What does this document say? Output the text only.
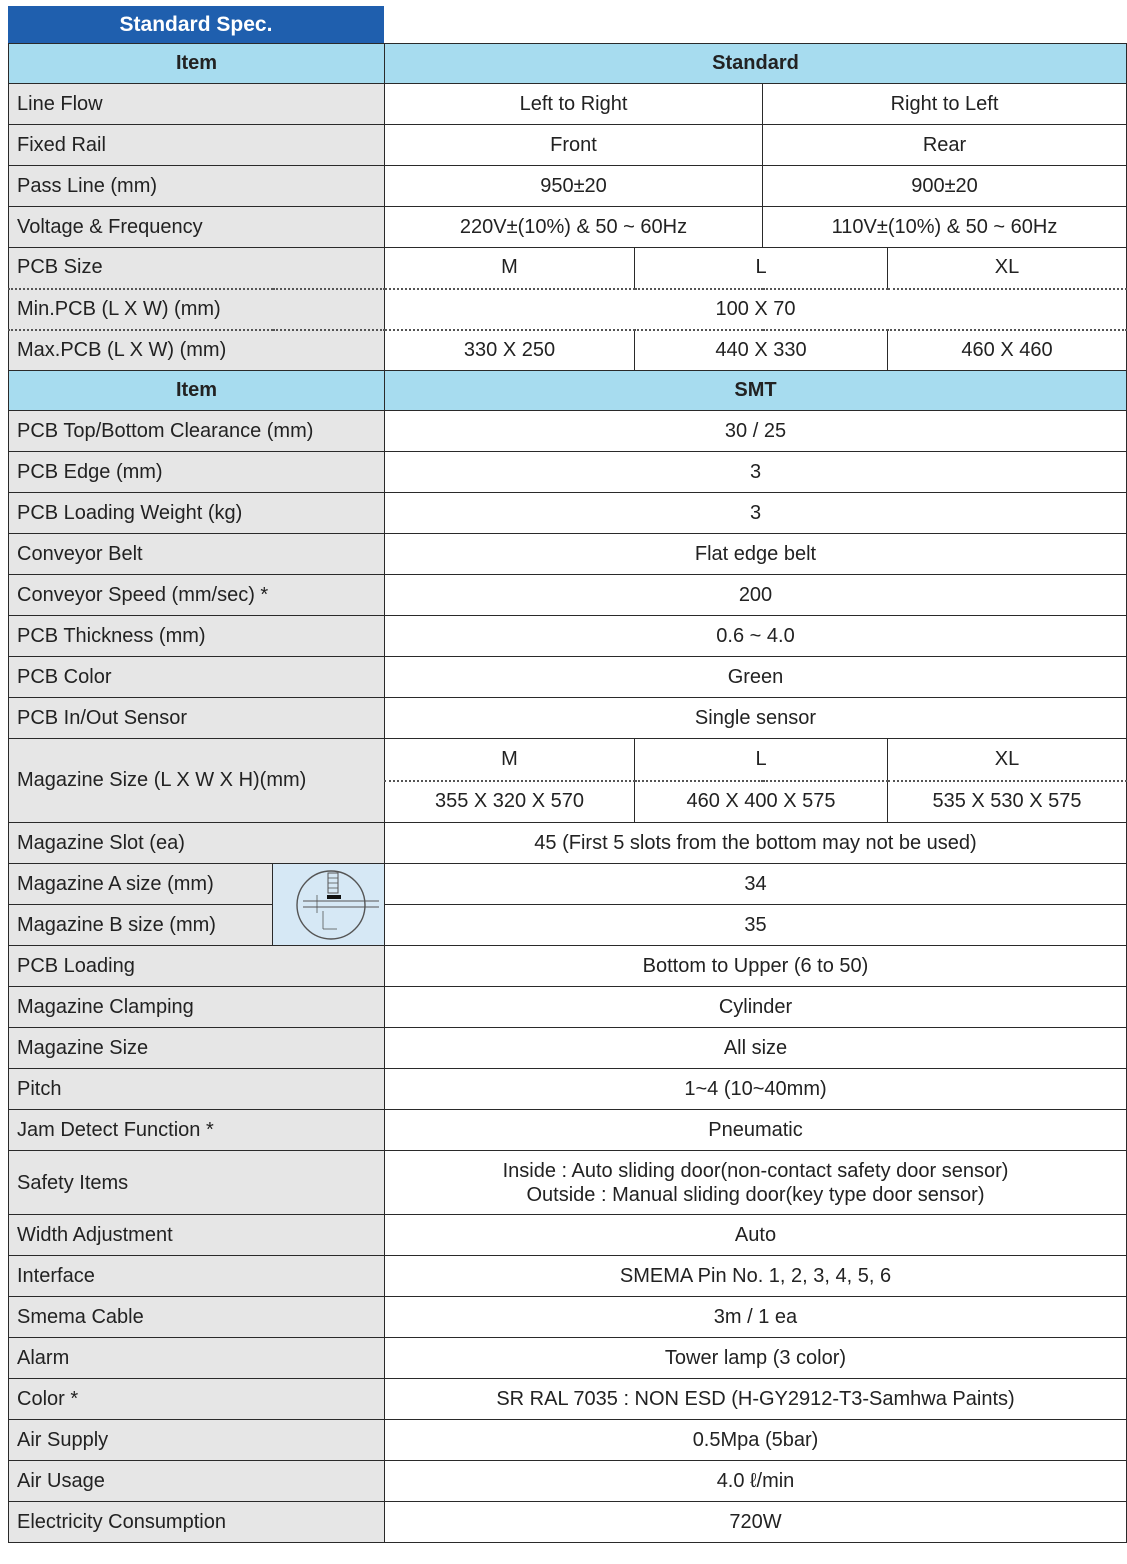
Standard Spec.
Item		Standard			
Line Flow		Left to Right		Right to Left	
Fixed Rail		Front		Rear	
Pass Line (mm)		950±20		900±20	
Voltage & Frequency		220V±(10%) & 50 ~ 60Hz		110V±(10%) & 50 ~ 60Hz	
PCB Size		M	L		XL
Min.PCB (L X W) (mm)		100 X 70			
Max.PCB (L X W) (mm)		330 X 250	440 X 330		460 X 460
Item		SMT			
PCB Top/Bottom Clearance (mm)		30 / 25			
PCB Edge (mm)		3			
PCB Loading Weight (kg)		3			
Conveyor Belt		Flat edge belt			
Conveyor Speed (mm/sec) *		200			
PCB Thickness (mm)		0.6 ~ 4.0			
PCB Color		Green			
PCB In/Out Sensor		Single sensor			
Magazine Size (L X W X H)(mm)		M	L		XL
		355 X 320 X 570	460 X 400 X 575		535 X 530 X 575
Magazine Slot (ea)		45 (First 5 slots from the bottom may not be used)			
Magazine A size (mm)		34			
Magazine B size (mm)		35			
PCB Loading		Bottom to Upper (6 to 50)			
Magazine Clamping		Cylinder			
Magazine Size		All size			
Pitch		1~4 (10~40mm)			
Jam Detect Function *		Pneumatic			
Safety Items		Inside : Auto sliding door(non-contact safety door sensor)
Outside : Manual sliding door(key type door sensor)			

Width Adjustment		Auto			
Interface		SMEMA Pin No. 1, 2, 3, 4, 5, 6			
Smema Cable		3m / 1 ea			
Alarm		Tower lamp (3 color)			
Color *		SR RAL 7035 : NON ESD (H-GY2912-T3-Samhwa Paints)			
Air Supply		0.5Mpa (5bar)			
Air Usage		4.0 ℓ/min			
Electricity Consumption		720W			
